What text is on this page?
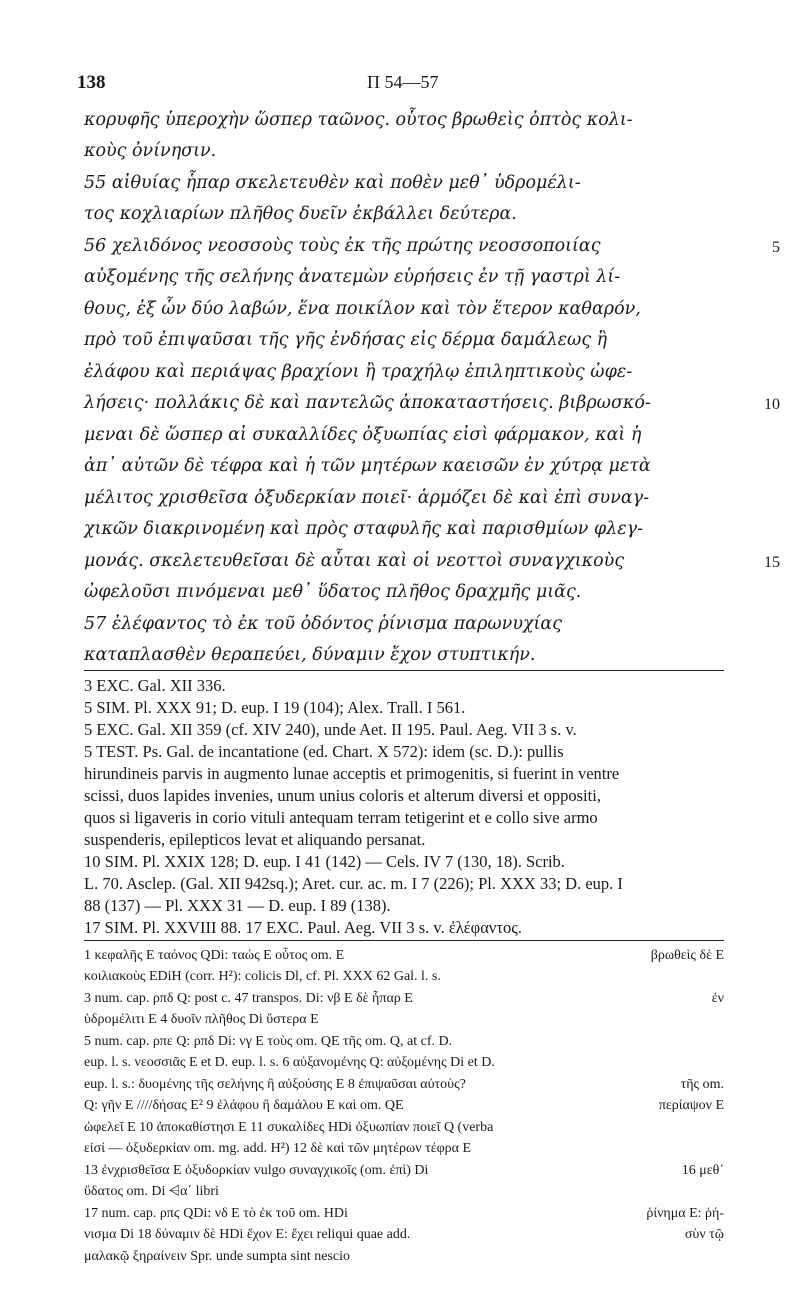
138	Π 54—57
κορυφῆς ὑπεροχὴν ὥσπερ ταῶνος. οὗτος βρωθεὶς ὀπτὸς κολι-
κοὺς ὀνίνησιν.
55 αἰθυίας ἧπαρ σκελετευθὲν καὶ ποθὲν μεθ᾽ ὑδρομέλι-
τος κοχλιαρίων πλῆθος δυεῖν ἐκβάλλει δεύτερα.
56 χελιδόνος νεοσσοὺς τοὺς ἐκ τῆς πρώτης νεοσσοποιίας
αὐξομένης τῆς σελήνης ἀνατεμὼν εὑρήσεις ἐν τῇ γαστρὶ λί-
θους, ἐξ ὧν δύο λαβών, ἕνα ποικίλον καὶ τὸν ἕτερον καθαρόν,
πρὸ τοῦ ἐπιψαῦσαι τῆς γῆς ἐνδήσας εἰς δέρμα δαμάλεως ἢ
ἐλάφου καὶ περιάψας βραχίονι ἢ τραχήλῳ ἐπιληπτικοὺς ὠφε-
λήσεις· πολλάκις δὲ καὶ παντελῶς ἀποκαταστήσεις. βιβρωσκό-
μεναι δὲ ὥσπερ αἱ συκαλλίδες ὀξυωπίας εἰσὶ φάρμακον, καὶ ἡ
ἀπ᾽ αὐτῶν δὲ τέφρα καὶ ἡ τῶν μητέρων καεισῶν ἐν χύτρᾳ μετὰ
μέλιτος χρισθεῖσα ὀξυδερκίαν ποιεῖ· ἁρμόζει δὲ καὶ ἐπὶ συναγ-
χικῶν διακρινομένη καὶ πρὸς σταφυλῆς καὶ παρισθμίων φλεγ-
μονάς. σκελετευθεῖσαι δὲ αὗται καὶ οἱ νεοττοὶ συναγχικοὺς
ὠφελοῦσι πινόμεναι μεθ᾽ ὕδατος πλῆθος δραχμῆς μιᾶς.
57 ἐλέφαντος τὸ ἐκ τοῦ ὀδόντος ῥίνισμα παρωνυχίας
καταπλασθὲν θεραπεύει, δύναμιν ἔχον στυπτικήν.
5
10
15
3 EXC. Gal. XII 336.
5 SIM. Pl. XXX 91; D. eup. I 19 (104); Alex. Trall. I 561.
5 EXC. Gal. XII 359 (cf. XIV 240), unde Aet. II 195. Paul. Aeg. VII 3 s. v.
5 TEST. Ps. Gal. de incantatione (ed. Chart. X 572): idem (sc. D.): pullis
hirundineis parvis in augmento lunae acceptis et primogenitis, si fuerint in ventre
scissi, duos lapides invenies, unum unius coloris et alterum diversi et oppositi,
quos si ligaveris in corio vituli antequam terram tetigerint et e collo sive armo
suspenderis, epilepticos levat et aliquando persanat.
10 SIM. Pl. XXIX 128; D. eup. I 41 (142) — Cels. IV 7 (130, 18). Scrib.
L. 70. Asclep. (Gal. XII 942sq.); Aret. cur. ac. m. I 7 (226); Pl. XXX 33; D. eup. I
88 (137) — Pl. XXX 31 — D. eup. I 89 (138).
17 SIM. Pl. XXVIII 88. 17 EXC. Paul. Aeg. VII 3 s. v. ἐλέφαντος.
1 κεφαλῆς E ταόνος QDi: ταώς E οὗτος om. E	βρωθεὶς δὲ E
κοιλιακοὺς EDiH (corr. H²): colicis Dl, cf. Pl. XXX 62 Gal. l. s.
3 num. cap. ρπδ Q: post c. 47 transpos. Di: νβ E δὲ ἧπαρ E	ἐν
ὑδρομέλιτι E 4 δυοῖν πλῆθος Di ὕστερα E
5 num. cap. ρπε Q: ρπδ Di: νγ E τοὺς om. QE τῆς om. Q, at cf. D.
eup. l. s. νεοσσιᾶς E et D. eup. l. s. 6 αὐξανομένης Q: αὐξομένης Di et D.
eup. l. s.: δυομένης τῆς σελήνης ἢ αὐξούσης E 8 ἐπιψαῦσαι αὐτοὺς?	τῆς om.
Q: γῆν E ////δήσας E² 9 ἐλάφου ἢ δαμάλου E καὶ om. QE	περίαψον E
ὠφελεῖ E 10 ἀποκαθίστησι E 11 συκαλίδες HDi ὀξυωπίαν ποιεῖ Q (verba
εἰσί — ὀξυδερκίαν om. mg. add. H²) 12 δὲ καὶ τῶν μητέρων τέφρα E
13 ἐνχρισθεῖσα E ὀξυδορκίαν vulgo συναγχικοῖς (om. ἐπὶ) Di	16 μεθ᾽
ὕδατος om. Di ⩤α΄ libri
17 num. cap. ρπϛ QDi: νδ E τὸ ἐκ τοῦ om. HDi	ῥίνημα E: ῥή-
νισμα Di 18 δύναμιν δὲ HDi ἔχον E: ἔχει reliqui quae add.	σὺν τῷ
μαλακῷ ξηραίνειν Spr. unde sumpta sint nescio
